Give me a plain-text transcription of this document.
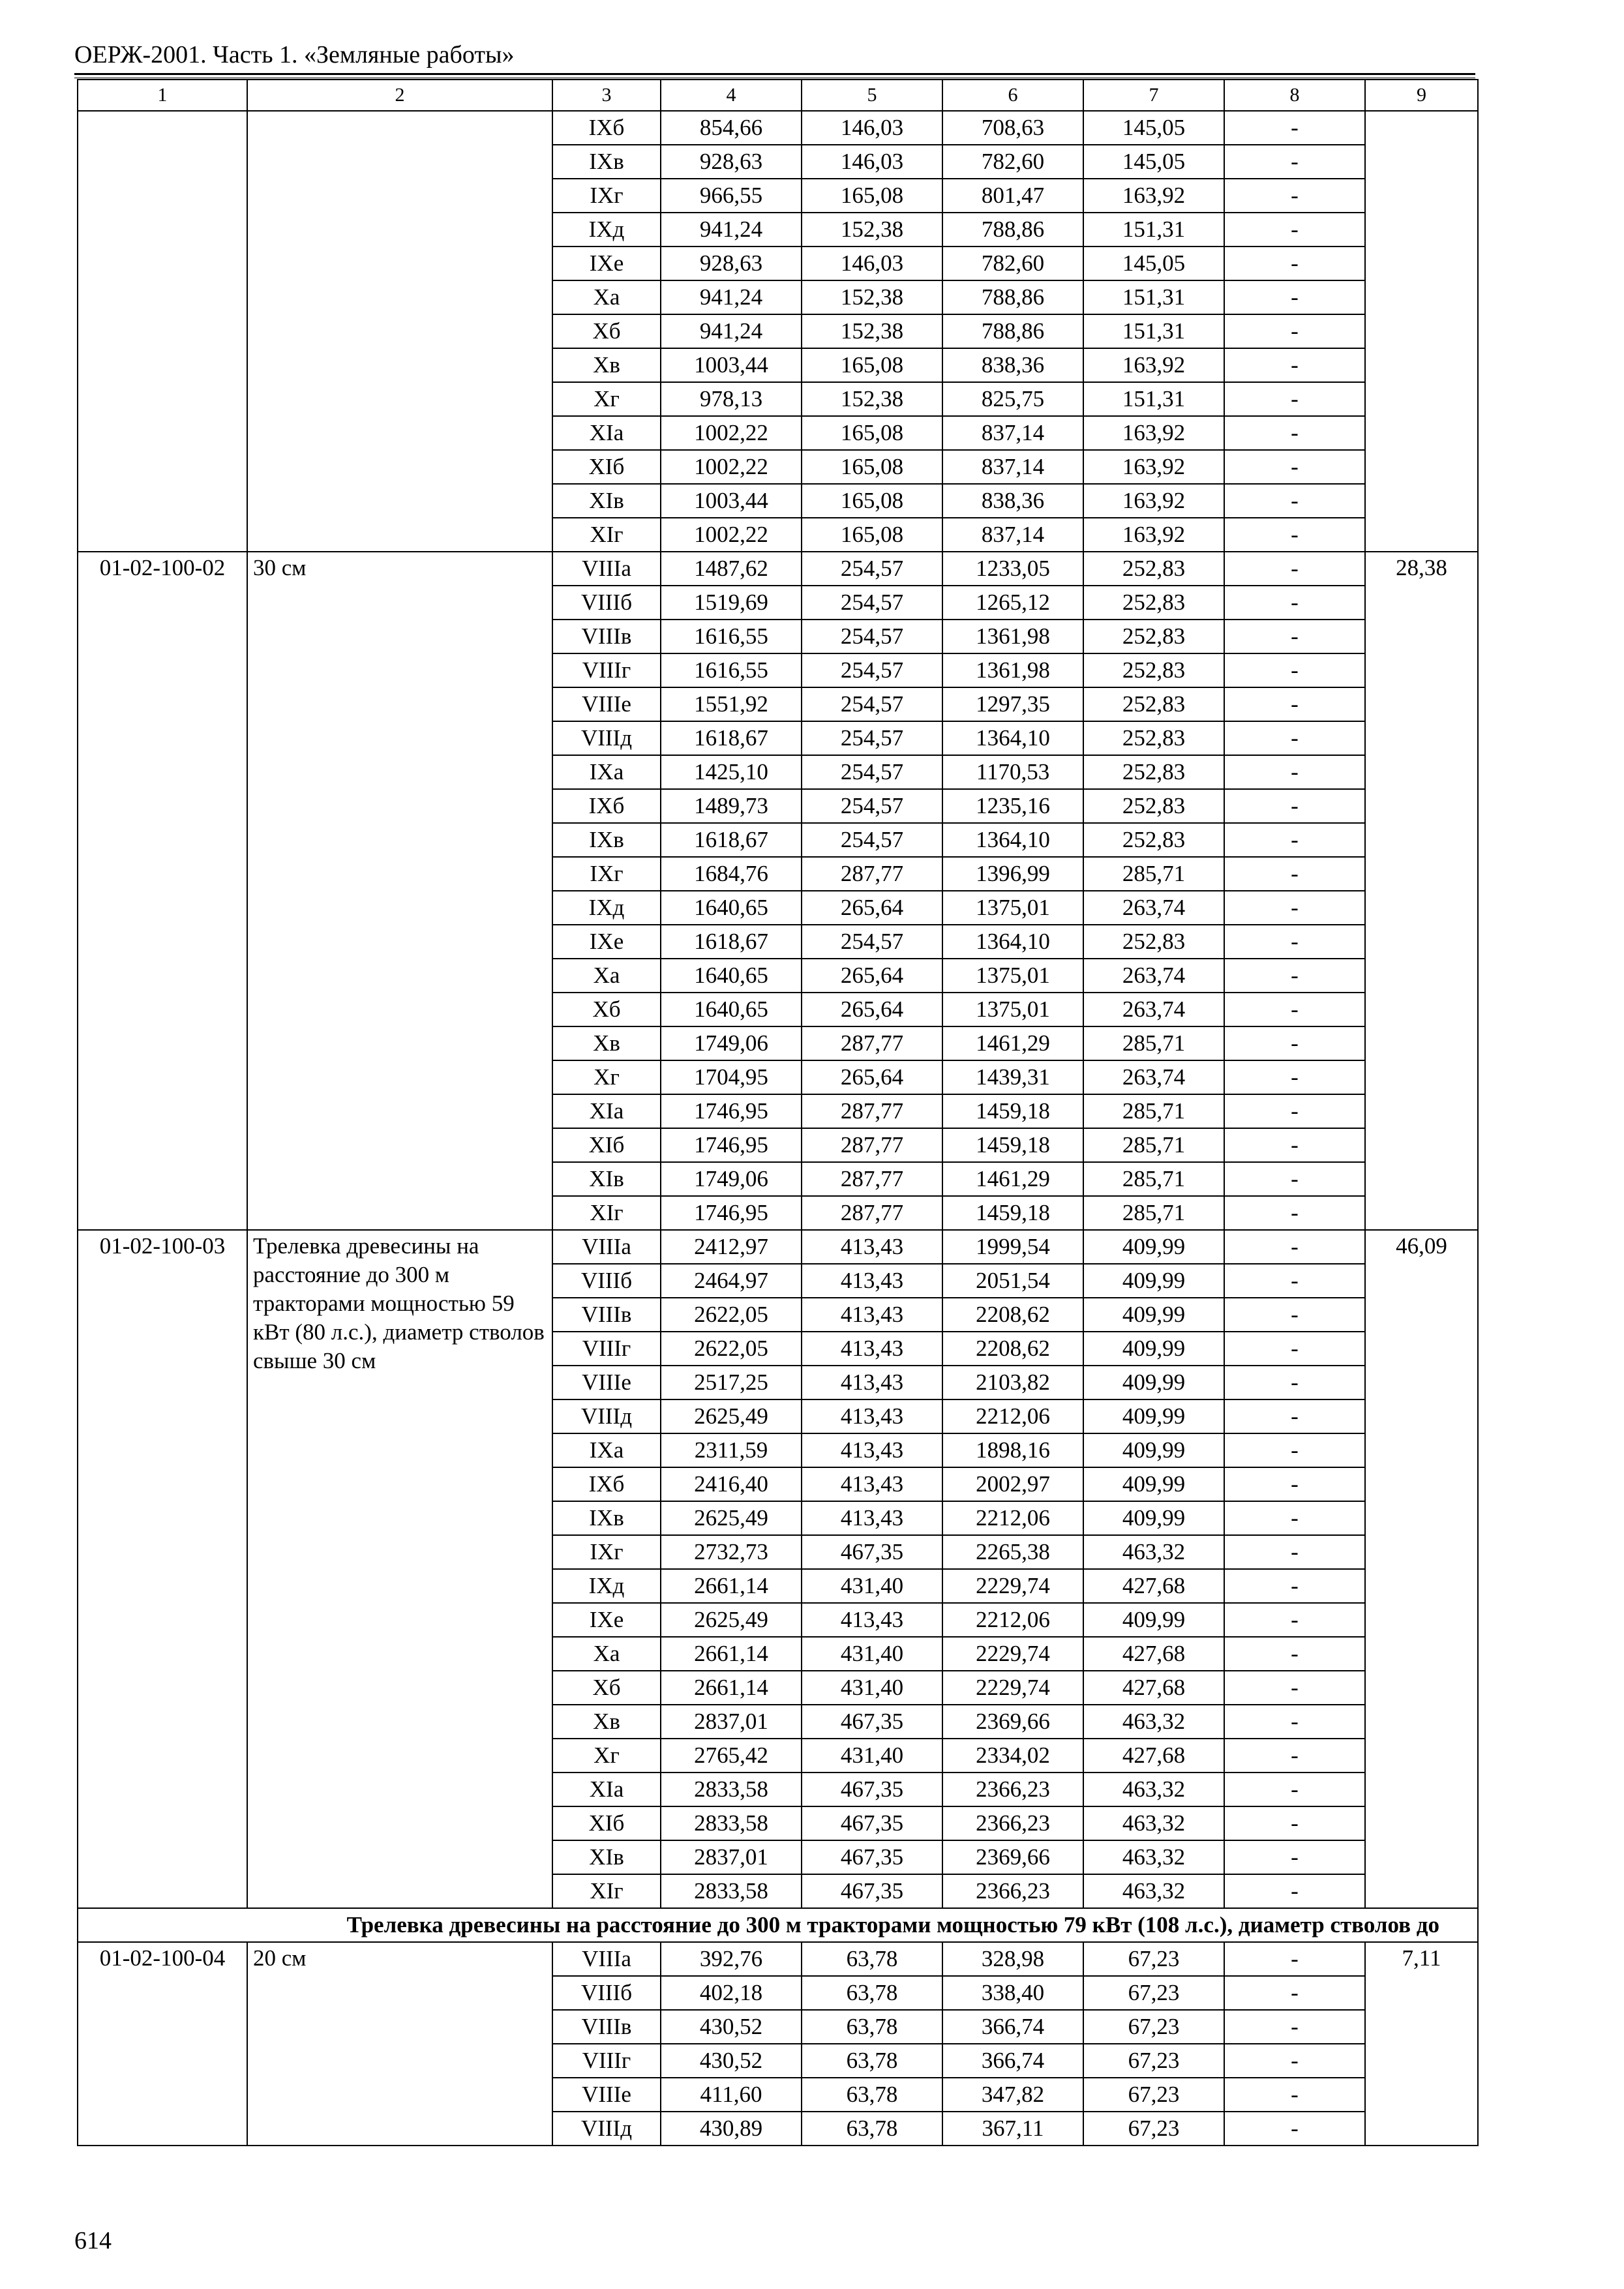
ОЕРЖ-2001. Часть 1. «Земляные работы»
1	2	3	4	5	6	7	8	9
		IXб	854,66	146,03	708,63	145,05	-	
		IXв	928,63	146,03	782,60	145,05	-	
		IXг	966,55	165,08	801,47	163,92	-	
		IXд	941,24	152,38	788,86	151,31	-	
		IXе	928,63	146,03	782,60	145,05	-	
		Xа	941,24	152,38	788,86	151,31	-	
		Xб	941,24	152,38	788,86	151,31	-	
		Xв	1003,44	165,08	838,36	163,92	-	
		Xг	978,13	152,38	825,75	151,31	-	
		XIа	1002,22	165,08	837,14	163,92	-	
		XIб	1002,22	165,08	837,14	163,92	-	
		XIв	1003,44	165,08	838,36	163,92	-	
		XIг	1002,22	165,08	837,14	163,92	-	
01-02-100-02	30 см	VIIIа	1487,62	254,57	1233,05	252,83	-	28,38
		VIIIб	1519,69	254,57	1265,12	252,83	-	
		VIIIв	1616,55	254,57	1361,98	252,83	-	
		VIIIг	1616,55	254,57	1361,98	252,83	-	
		VIIIе	1551,92	254,57	1297,35	252,83	-	
		VIIIд	1618,67	254,57	1364,10	252,83	-	
		IXа	1425,10	254,57	1170,53	252,83	-	
		IXб	1489,73	254,57	1235,16	252,83	-	
		IXв	1618,67	254,57	1364,10	252,83	-	
		IXг	1684,76	287,77	1396,99	285,71	-	
		IXд	1640,65	265,64	1375,01	263,74	-	
		IXе	1618,67	254,57	1364,10	252,83	-	
		Xа	1640,65	265,64	1375,01	263,74	-	
		Xб	1640,65	265,64	1375,01	263,74	-	
		Xв	1749,06	287,77	1461,29	285,71	-	
		Xг	1704,95	265,64	1439,31	263,74	-	
		XIа	1746,95	287,77	1459,18	285,71	-	
		XIб	1746,95	287,77	1459,18	285,71	-	
		XIв	1749,06	287,77	1461,29	285,71	-	
		XIг	1746,95	287,77	1459,18	285,71	-	
01-02-100-03	Трелевка древесины на расстояние до 300 м тракторами мощностью 59 кВт (80 л.с.), диаметр стволов свыше 30 см	VIIIа	2412,97	413,43	1999,54	409,99	-	46,09
		VIIIб	2464,97	413,43	2051,54	409,99	-	
		VIIIв	2622,05	413,43	2208,62	409,99	-	
		VIIIг	2622,05	413,43	2208,62	409,99	-	
		VIIIе	2517,25	413,43	2103,82	409,99	-	
		VIIIд	2625,49	413,43	2212,06	409,99	-	
		IXа	2311,59	413,43	1898,16	409,99	-	
		IXб	2416,40	413,43	2002,97	409,99	-	
		IXв	2625,49	413,43	2212,06	409,99	-	
		IXг	2732,73	467,35	2265,38	463,32	-	
		IXд	2661,14	431,40	2229,74	427,68	-	
		IXе	2625,49	413,43	2212,06	409,99	-	
		Xа	2661,14	431,40	2229,74	427,68	-	
		Xб	2661,14	431,40	2229,74	427,68	-	
		Xв	2837,01	467,35	2369,66	463,32	-	
		Xг	2765,42	431,40	2334,02	427,68	-	
		XIа	2833,58	467,35	2366,23	463,32	-	
		XIб	2833,58	467,35	2366,23	463,32	-	
		XIв	2837,01	467,35	2369,66	463,32	-	
		XIг	2833,58	467,35	2366,23	463,32	-	
Трелевка древесины на расстояние до 300 м тракторами мощностью 79 кВт (108 л.с.), диаметр стволов до								
01-02-100-04	20 см	VIIIа	392,76	63,78	328,98	67,23	-	7,11
		VIIIб	402,18	63,78	338,40	67,23	-	
		VIIIв	430,52	63,78	366,74	67,23	-	
		VIIIг	430,52	63,78	366,74	67,23	-	
		VIIIе	411,60	63,78	347,82	67,23	-	
		VIIIд	430,89	63,78	367,11	67,23	-	
614
